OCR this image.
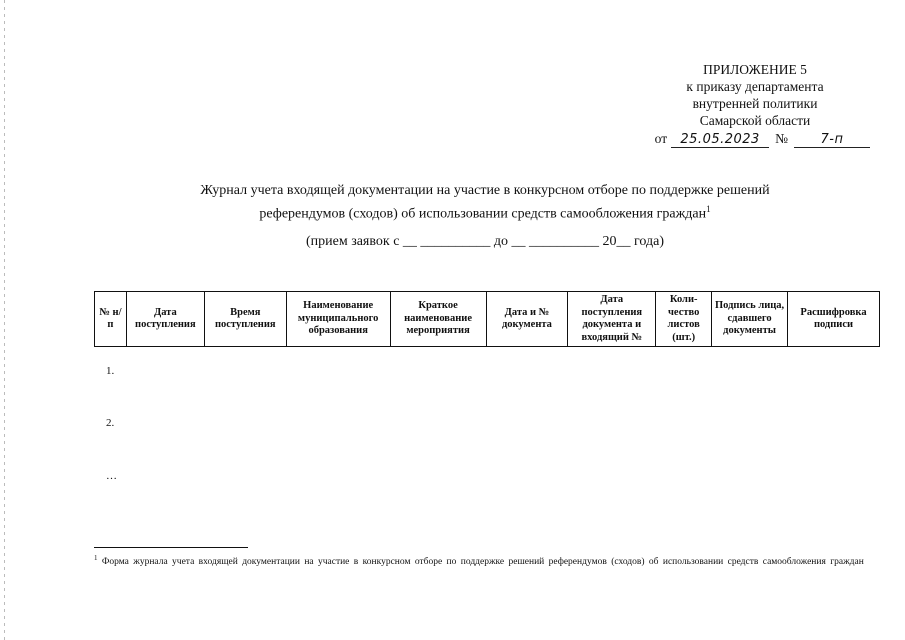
ПРИЛОЖЕНИЕ 5
к приказу департамента
внутренней политики
Самарской области
от	25.05.2023	№	7-п
Журнал учета входящей документации на участие в конкурсном отборе по поддержке решений
референдумов (сходов) об использовании средств самообложения граждан$^1$
(прием заявок с __ __________ до __ __________ 20__ года)
№ н/п	Дата поступления	Время поступления	Наименование муниципального образования	Краткое наименование мероприятия	Дата и № документа	Дата поступления документа и входящий №	Коли-чество листов (шт.)	Подпись лица, сдавшего документы	Расшифровка подписи
1.
2.
…
$^1$ Форма журнала учета входящей документации на участие в конкурсном отборе по поддержке решений референдумов (сходов) об использовании средств самообложения граждан
